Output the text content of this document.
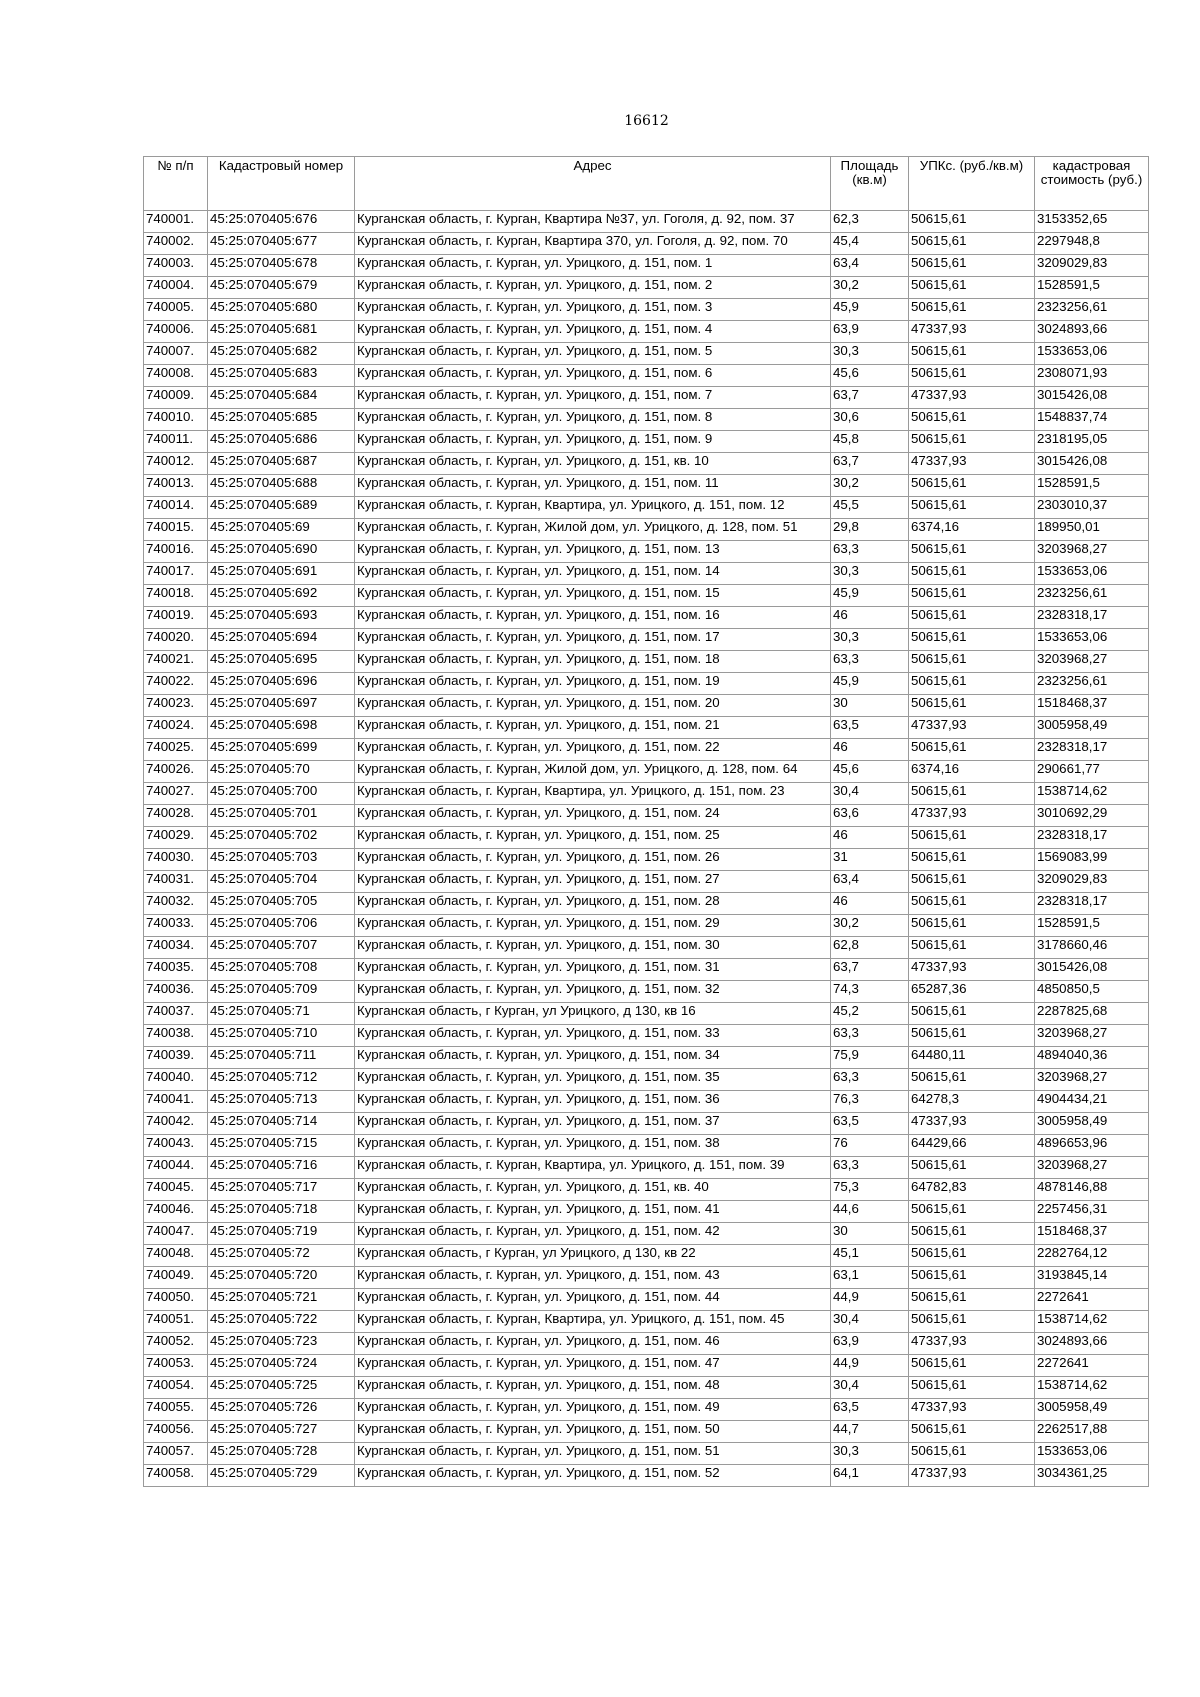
16612
№ п/п	Кадастровый номер	Адрес	Площадь (кв.м)	УПКс. (руб./кв.м)	кадастровая стоимость (руб.)
740001.	45:25:070405:676	Курганская область, г. Курган, Квартира №37, ул. Гоголя, д. 92, пом. 37	62,3	50615,61	3153352,65
740002.	45:25:070405:677	Курганская область, г. Курган, Квартира 370, ул. Гоголя, д. 92, пом. 70	45,4	50615,61	2297948,8
740003.	45:25:070405:678	Курганская область, г. Курган, ул. Урицкого, д. 151, пом. 1	63,4	50615,61	3209029,83
740004.	45:25:070405:679	Курганская область, г. Курган, ул. Урицкого, д. 151, пом. 2	30,2	50615,61	1528591,5
740005.	45:25:070405:680	Курганская область, г. Курган, ул. Урицкого, д. 151, пом. 3	45,9	50615,61	2323256,61
740006.	45:25:070405:681	Курганская область, г. Курган, ул. Урицкого, д. 151, пом. 4	63,9	47337,93	3024893,66
740007.	45:25:070405:682	Курганская область, г. Курган, ул. Урицкого, д. 151, пом. 5	30,3	50615,61	1533653,06
740008.	45:25:070405:683	Курганская область, г. Курган, ул. Урицкого, д. 151, пом. 6	45,6	50615,61	2308071,93
740009.	45:25:070405:684	Курганская область, г. Курган, ул. Урицкого, д. 151, пом. 7	63,7	47337,93	3015426,08
740010.	45:25:070405:685	Курганская область, г. Курган, ул. Урицкого, д. 151, пом. 8	30,6	50615,61	1548837,74
740011.	45:25:070405:686	Курганская область, г. Курган, ул. Урицкого, д. 151, пом. 9	45,8	50615,61	2318195,05
740012.	45:25:070405:687	Курганская область, г. Курган, ул. Урицкого, д. 151, кв. 10	63,7	47337,93	3015426,08
740013.	45:25:070405:688	Курганская область, г. Курган, ул. Урицкого, д. 151, пом. 11	30,2	50615,61	1528591,5
740014.	45:25:070405:689	Курганская область, г. Курган, Квартира, ул. Урицкого, д. 151, пом. 12	45,5	50615,61	2303010,37
740015.	45:25:070405:69	Курганская область, г. Курган, Жилой дом, ул. Урицкого, д. 128, пом. 51	29,8	6374,16	189950,01
740016.	45:25:070405:690	Курганская область, г. Курган, ул. Урицкого, д. 151, пом. 13	63,3	50615,61	3203968,27
740017.	45:25:070405:691	Курганская область, г. Курган, ул. Урицкого, д. 151, пом. 14	30,3	50615,61	1533653,06
740018.	45:25:070405:692	Курганская область, г. Курган, ул. Урицкого, д. 151, пом. 15	45,9	50615,61	2323256,61
740019.	45:25:070405:693	Курганская область, г. Курган, ул. Урицкого, д. 151, пом. 16	46	50615,61	2328318,17
740020.	45:25:070405:694	Курганская область, г. Курган, ул. Урицкого, д. 151, пом. 17	30,3	50615,61	1533653,06
740021.	45:25:070405:695	Курганская область, г. Курган, ул. Урицкого, д. 151, пом. 18	63,3	50615,61	3203968,27
740022.	45:25:070405:696	Курганская область, г. Курган, ул. Урицкого, д. 151, пом. 19	45,9	50615,61	2323256,61
740023.	45:25:070405:697	Курганская область, г. Курган, ул. Урицкого, д. 151, пом. 20	30	50615,61	1518468,37
740024.	45:25:070405:698	Курганская область, г. Курган, ул. Урицкого, д. 151, пом. 21	63,5	47337,93	3005958,49
740025.	45:25:070405:699	Курганская область, г. Курган, ул. Урицкого, д. 151, пом. 22	46	50615,61	2328318,17
740026.	45:25:070405:70	Курганская область, г. Курган, Жилой дом, ул. Урицкого, д. 128, пом. 64	45,6	6374,16	290661,77
740027.	45:25:070405:700	Курганская область, г. Курган, Квартира, ул. Урицкого, д. 151, пом. 23	30,4	50615,61	1538714,62
740028.	45:25:070405:701	Курганская область, г. Курган, ул. Урицкого, д. 151, пом. 24	63,6	47337,93	3010692,29
740029.	45:25:070405:702	Курганская область, г. Курган, ул. Урицкого, д. 151, пом. 25	46	50615,61	2328318,17
740030.	45:25:070405:703	Курганская область, г. Курган, ул. Урицкого, д. 151, пом. 26	31	50615,61	1569083,99
740031.	45:25:070405:704	Курганская область, г. Курган, ул. Урицкого, д. 151, пом. 27	63,4	50615,61	3209029,83
740032.	45:25:070405:705	Курганская область, г. Курган, ул. Урицкого, д. 151, пом. 28	46	50615,61	2328318,17
740033.	45:25:070405:706	Курганская область, г. Курган, ул. Урицкого, д. 151, пом. 29	30,2	50615,61	1528591,5
740034.	45:25:070405:707	Курганская область, г. Курган, ул. Урицкого, д. 151, пом. 30	62,8	50615,61	3178660,46
740035.	45:25:070405:708	Курганская область, г. Курган, ул. Урицкого, д. 151, пом. 31	63,7	47337,93	3015426,08
740036.	45:25:070405:709	Курганская область, г. Курган, ул. Урицкого, д. 151, пом. 32	74,3	65287,36	4850850,5
740037.	45:25:070405:71	Курганская область, г Курган, ул Урицкого, д 130, кв 16	45,2	50615,61	2287825,68
740038.	45:25:070405:710	Курганская область, г. Курган, ул. Урицкого, д. 151, пом. 33	63,3	50615,61	3203968,27
740039.	45:25:070405:711	Курганская область, г. Курган, ул. Урицкого, д. 151, пом. 34	75,9	64480,11	4894040,36
740040.	45:25:070405:712	Курганская область, г. Курган, ул. Урицкого, д. 151, пом. 35	63,3	50615,61	3203968,27
740041.	45:25:070405:713	Курганская область, г. Курган, ул. Урицкого, д. 151, пом. 36	76,3	64278,3	4904434,21
740042.	45:25:070405:714	Курганская область, г. Курган, ул. Урицкого, д. 151, пом. 37	63,5	47337,93	3005958,49
740043.	45:25:070405:715	Курганская область, г. Курган, ул. Урицкого, д. 151, пом. 38	76	64429,66	4896653,96
740044.	45:25:070405:716	Курганская область, г. Курган, Квартира, ул. Урицкого, д. 151, пом. 39	63,3	50615,61	3203968,27
740045.	45:25:070405:717	Курганская область, г. Курган, ул. Урицкого, д. 151, кв. 40	75,3	64782,83	4878146,88
740046.	45:25:070405:718	Курганская область, г. Курган, ул. Урицкого, д. 151, пом. 41	44,6	50615,61	2257456,31
740047.	45:25:070405:719	Курганская область, г. Курган, ул. Урицкого, д. 151, пом. 42	30	50615,61	1518468,37
740048.	45:25:070405:72	Курганская область, г Курган, ул Урицкого, д 130, кв 22	45,1	50615,61	2282764,12
740049.	45:25:070405:720	Курганская область, г. Курган, ул. Урицкого, д. 151, пом. 43	63,1	50615,61	3193845,14
740050.	45:25:070405:721	Курганская область, г. Курган, ул. Урицкого, д. 151, пом. 44	44,9	50615,61	2272641
740051.	45:25:070405:722	Курганская область, г. Курган, Квартира, ул. Урицкого, д. 151, пом. 45	30,4	50615,61	1538714,62
740052.	45:25:070405:723	Курганская область, г. Курган, ул. Урицкого, д. 151, пом. 46	63,9	47337,93	3024893,66
740053.	45:25:070405:724	Курганская область, г. Курган, ул. Урицкого, д. 151, пом. 47	44,9	50615,61	2272641
740054.	45:25:070405:725	Курганская область, г. Курган, ул. Урицкого, д. 151, пом. 48	30,4	50615,61	1538714,62
740055.	45:25:070405:726	Курганская область, г. Курган, ул. Урицкого, д. 151, пом. 49	63,5	47337,93	3005958,49
740056.	45:25:070405:727	Курганская область, г. Курган, ул. Урицкого, д. 151, пом. 50	44,7	50615,61	2262517,88
740057.	45:25:070405:728	Курганская область, г. Курган, ул. Урицкого, д. 151, пом. 51	30,3	50615,61	1533653,06
740058.	45:25:070405:729	Курганская область, г. Курган, ул. Урицкого, д. 151, пом. 52	64,1	47337,93	3034361,25
